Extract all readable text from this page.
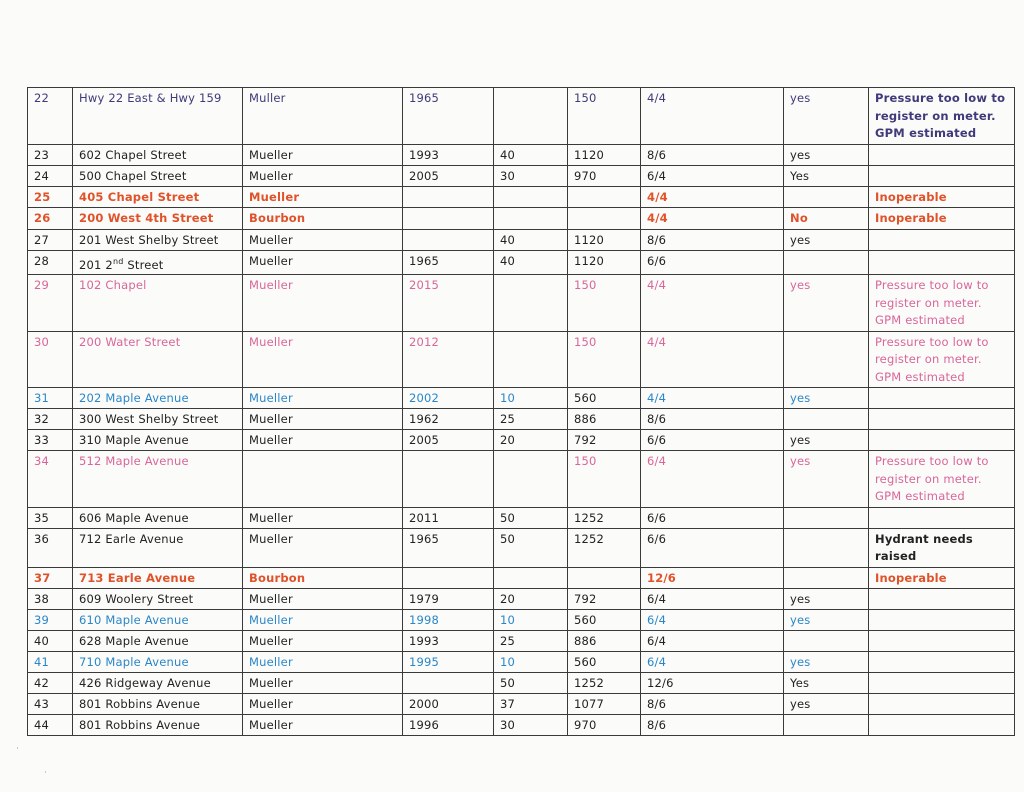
22	Hwy 22 East & Hwy 159	Muller	1965		150	4/4	yes	Pressure too low to register on meter. GPM estimated
23	602 Chapel Street	Mueller	1993	40	1120	8/6	yes	
24	500 Chapel Street	Mueller	2005	30	970	6/4	Yes	
25	405 Chapel Street	Mueller				4/4		Inoperable
26	200 West 4th Street	Bourbon				4/4	No	Inoperable
27	201 West Shelby Street	Mueller		40	1120	8/6	yes	
28	201 2nd Street	Mueller	1965	40	1120	6/6		
29	102 Chapel	Mueller	2015		150	4/4	yes	Pressure too low to register on meter. GPM estimated
30	200 Water Street	Mueller	2012		150	4/4		Pressure too low to register on meter. GPM estimated
31	202 Maple Avenue	Mueller	2002	10	560	4/4	yes	
32	300 West Shelby Street	Mueller	1962	25	886	8/6		
33	310 Maple Avenue	Mueller	2005	20	792	6/6	yes	
34	512 Maple Avenue				150	6/4	yes	Pressure too low to register on meter. GPM estimated
35	606 Maple Avenue	Mueller	2011	50	1252	6/6		
36	712 Earle Avenue	Mueller	1965	50	1252	6/6		Hydrant needs raised
37	713 Earle Avenue	Bourbon				12/6		Inoperable
38	609 Woolery Street	Mueller	1979	20	792	6/4	yes	
39	610 Maple Avenue	Mueller	1998	10	560	6/4	yes	
40	628 Maple Avenue	Mueller	1993	25	886	6/4		
41	710 Maple Avenue	Mueller	1995	10	560	6/4	yes	
42	426 Ridgeway Avenue	Mueller		50	1252	12/6	Yes	
43	801 Robbins Avenue	Mueller	2000	37	1077	8/6	yes	
44	801 Robbins Avenue	Mueller	1996	30	970	8/6		
·
·
